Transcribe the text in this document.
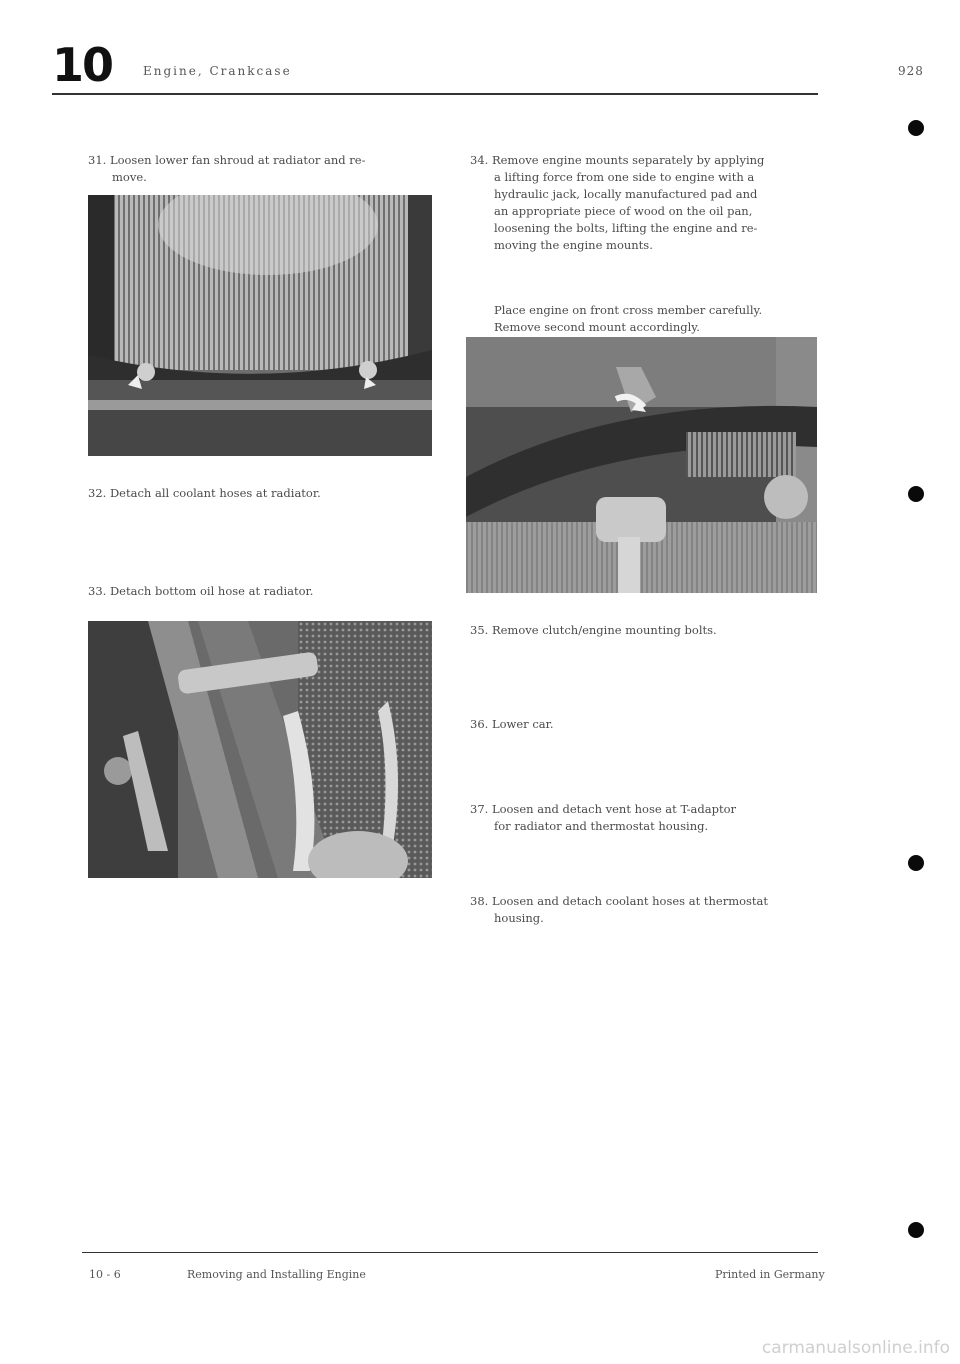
10	Engine, Crankcase	928
31. Loosen lower fan shroud at radiator and re-
move.
32. Detach all coolant hoses at radiator.
33. Detach bottom oil hose at radiator.
34. Remove engine mounts separately by applying
a lifting force from one side to engine with a
hydraulic jack, locally manufactured pad and
an appropriate piece of wood on the oil pan,
loosening the bolts, lifting the engine and re-
moving the engine mounts.
Place engine on front cross member carefully.
Remove second mount accordingly.
35. Remove clutch/engine mounting bolts.
36. Lower car.
37. Loosen and detach vent hose at T-adaptor
for radiator and thermostat housing.
38. Loosen and detach coolant hoses at thermostat
housing.
10 - 6	Removing and Installing Engine	Printed in Germany
carmanualsonline.info
